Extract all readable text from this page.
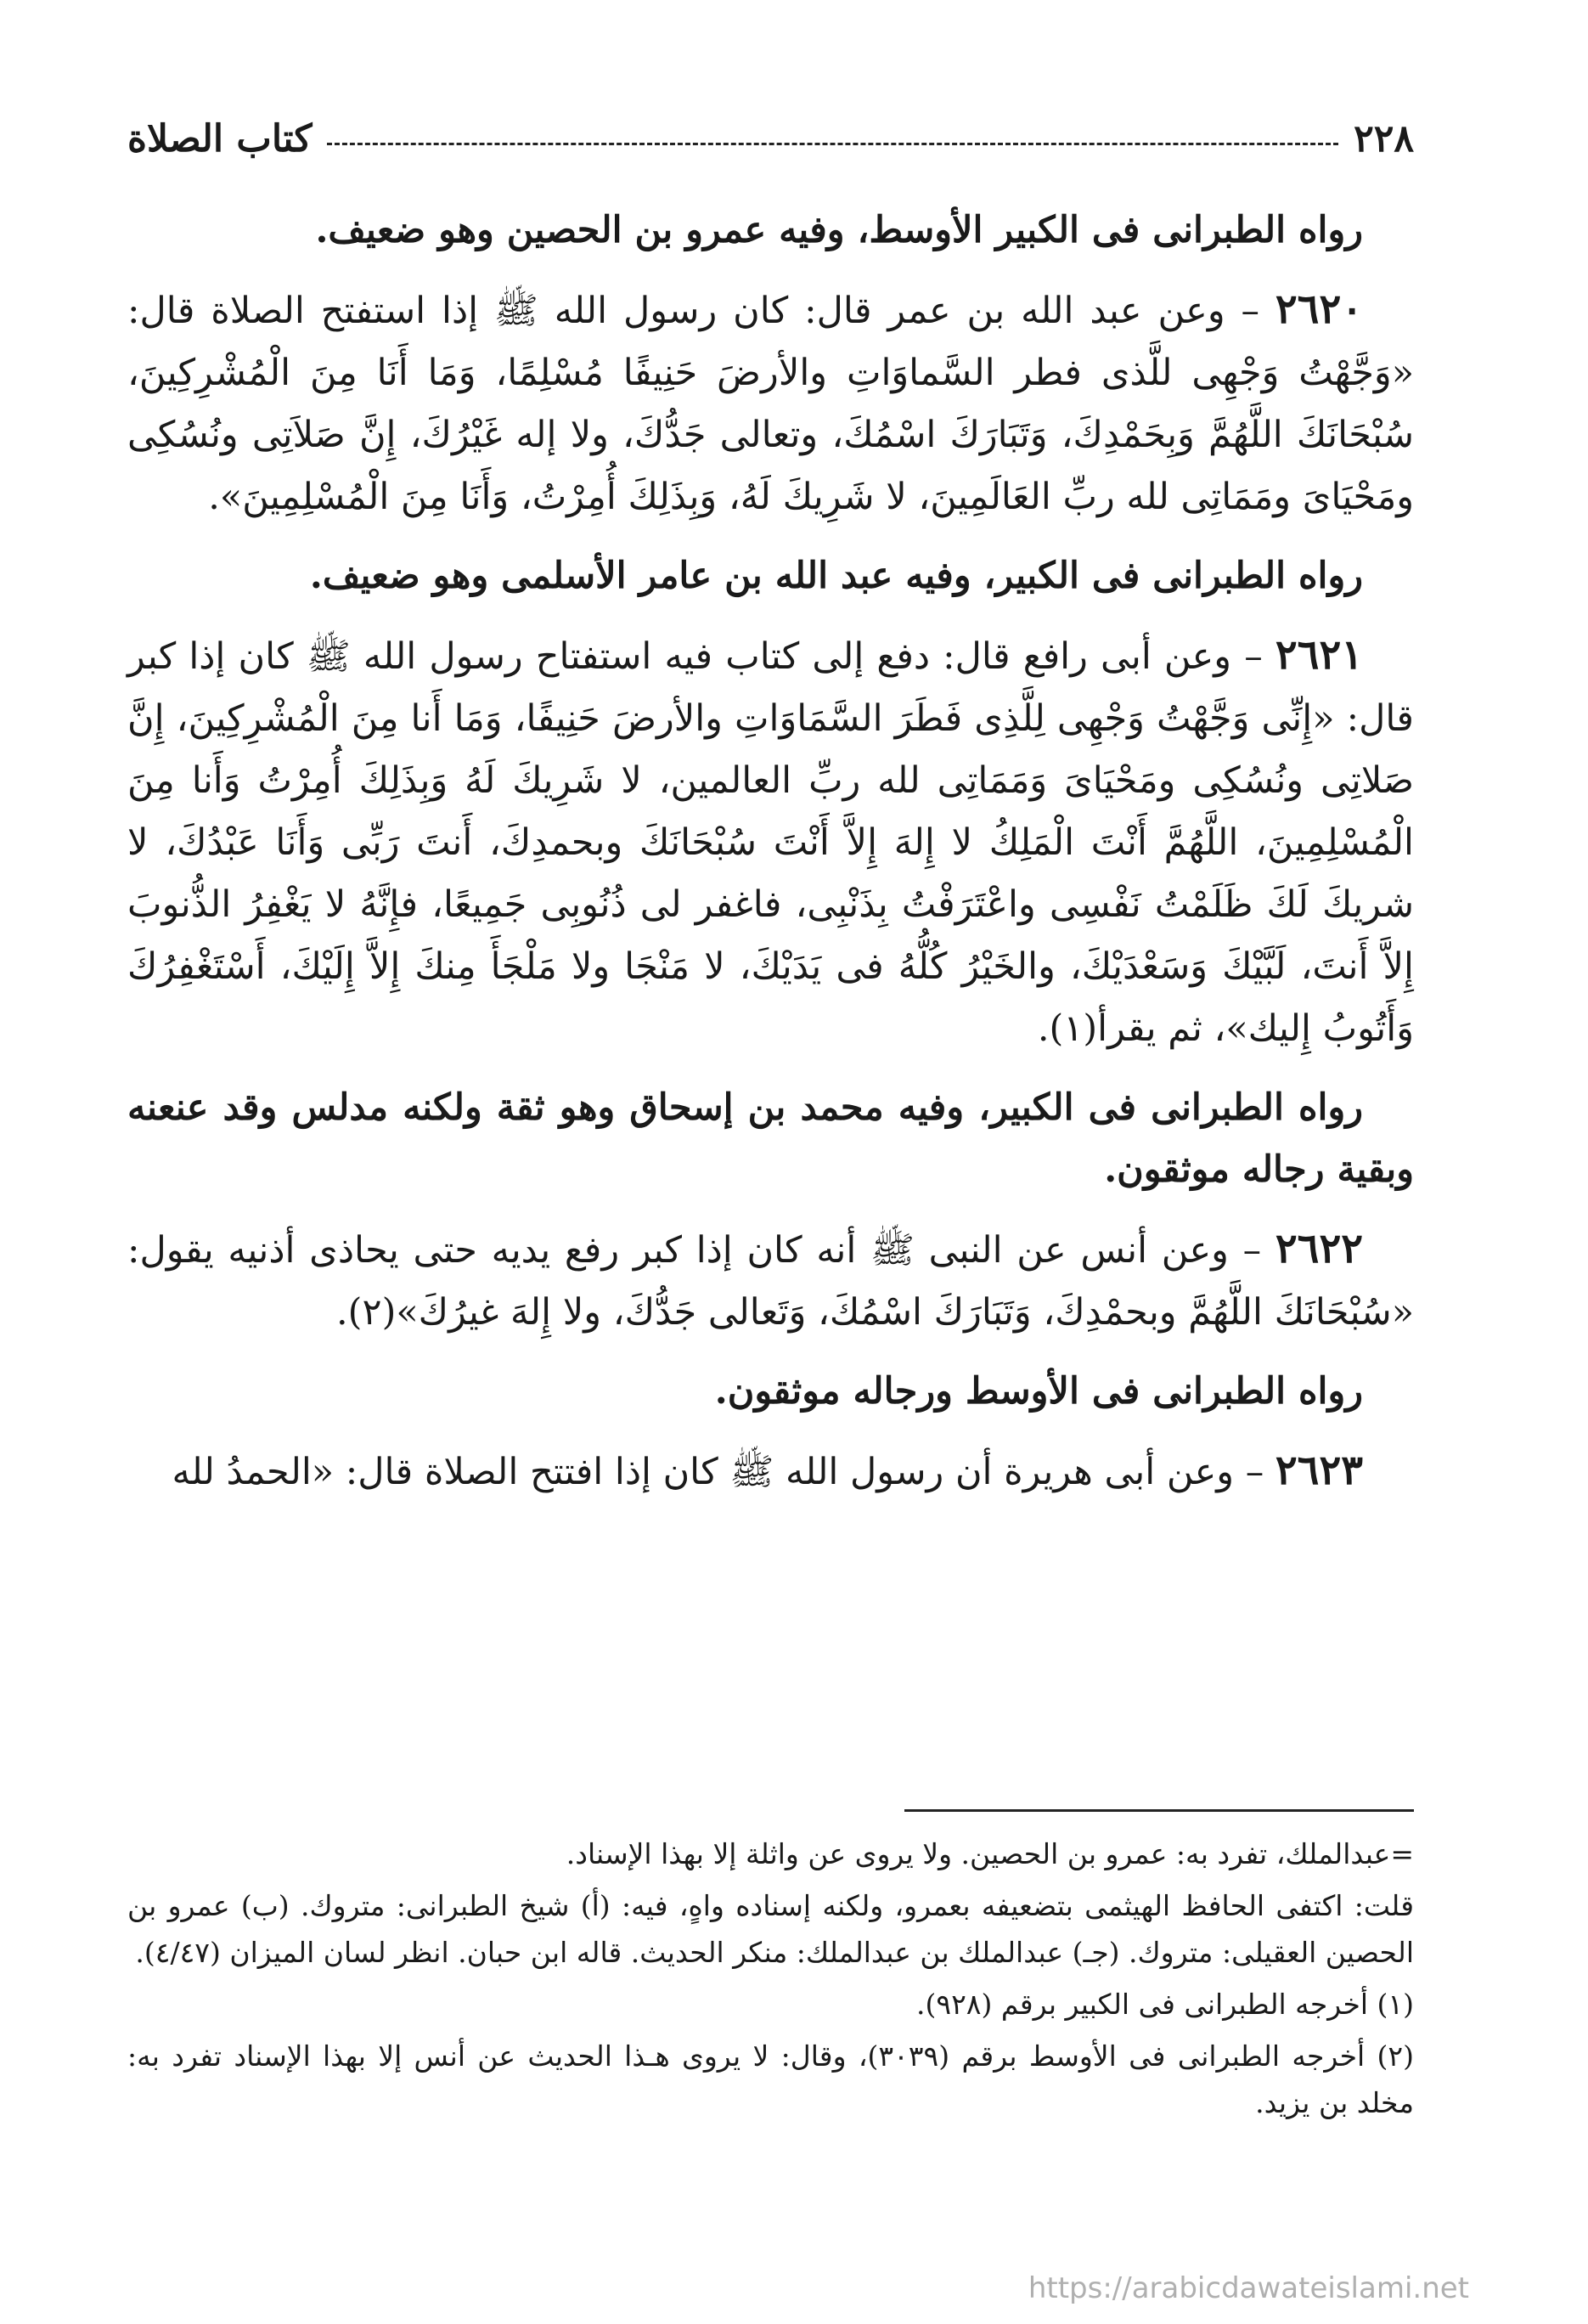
٢٢٨
كتاب الصلاة

رواه الطبرانى فى الكبير الأوسط، وفيه عمرو بن الحصين وهو ضعيف.

٢٦٢٠ – وعن عبد الله بن عمر قال: كان رسول الله ﷺ إذا استفتح الصلاة قال: «وَجَّهْتُ وَجْهِى للَّذى فطر السَّماوَاتِ والأرضَ حَنِيفًا مُسْلِمًا، وَمَا أَنَا مِنَ الْمُشْرِكِينَ، سُبْحَانَكَ اللَّهُمَّ وَبِحَمْدِكَ، وَتَبَارَكَ اسْمُكَ، وتعالى جَدُّكَ، ولا إله غَيْرُكَ، إِنَّ صَلاَتِى ونُسُكِى ومَحْيَاىَ ومَمَاتِى لله ربِّ العَالَمِينَ، لا شَرِيكَ لَهُ، وَبِذَلِكَ أُمِرْتُ، وَأَنَا مِنَ الْمُسْلِمِينَ».

رواه الطبرانى فى الكبير، وفيه عبد الله بن عامر الأسلمى وهو ضعيف.

٢٦٢١ – وعن أبى رافع قال: دفع إلى كتاب فيه استفتاح رسول الله ﷺ كان إذا كبر قال: «إِنِّى وَجَّهْتُ وَجْهِى لِلَّذِى فَطَرَ السَّمَاوَاتِ والأرضَ حَنِيفًا، وَمَا أَنا مِنَ الْمُشْرِكِينَ، إِنَّ صَلاتِى ونُسُكِى ومَحْيَاىَ وَمَمَاتِى لله ربِّ العالمين، لا شَرِيكَ لَهُ وَبِذَلِكَ أُمِرْتُ وَأَنا مِنَ الْمُسْلِمِينَ، اللَّهُمَّ أَنْتَ الْمَلِكُ لا إِلهَ إِلاَّ أَنْتَ سُبْحَانَكَ وبحمدِكَ، أَنتَ رَبِّى وَأَنَا عَبْدُكَ، لا شريكَ لَكَ ظَلَمْتُ نَفْسِى واعْتَرَفْتُ بِذَنْبِى، فاغفر لى ذُنُوبِى جَمِيعًا، فإِنَّهُ لا يَغْفِرُ الذُّنوبَ إِلاَّ أَنتَ، لَبَّيْكَ وَسَعْدَيْكَ، والخَيْرُ كُلُّهُ فى يَدَيْكَ، لا مَنْجَا ولا مَلْجَأَ مِنكَ إِلاَّ إِلَيْكَ، أَسْتَغْفِرُكَ وَأَتُوبُ إِليك»، ثم يقرأ(١).

رواه الطبرانى فى الكبير، وفيه محمد بن إسحاق وهو ثقة ولكنه مدلس وقد عنعنه وبقية رجاله موثقون.

٢٦٢٢ – وعن أنس عن النبى ﷺ أنه كان إذا كبر رفع يديه حتى يحاذى أذنيه يقول: «سُبْحَانَكَ اللَّهُمَّ وبحمْدِكَ، وَتَبَارَكَ اسْمُكَ، وَتَعالى جَدُّكَ، ولا إِلهَ غيرُكَ»(٢).

رواه الطبرانى فى الأوسط ورجاله موثقون.

٢٦٢٣ – وعن أبى هريرة أن رسول الله ﷺ كان إذا افتتح الصلاة قال: «الحمدُ لله

=عبدالملك، تفرد به: عمرو بن الحصين. ولا يروى عن واثلة إلا بهذا الإسناد.

قلت: اكتفى الحافظ الهيثمى بتضعيفه بعمرو، ولكنه إسناده واهٍ، فيه: (أ) شيخ الطبرانى: متروك. (ب) عمرو بن الحصين العقيلى: متروك. (جـ) عبدالملك بن عبدالملك: منكر الحديث. قاله ابن حبان. انظر لسان الميزان (٤/٤٧).

(١) أخرجه الطبرانى فى الكبير برقم (٩٢٨).

(٢) أخرجه الطبرانى فى الأوسط برقم (٣٠٣٩)، وقال: لا يروى هـذا الحديث عن أنس إلا بهذا الإسناد تفرد به: مخلد بن يزيد.

https://arabicdawateislami.net
